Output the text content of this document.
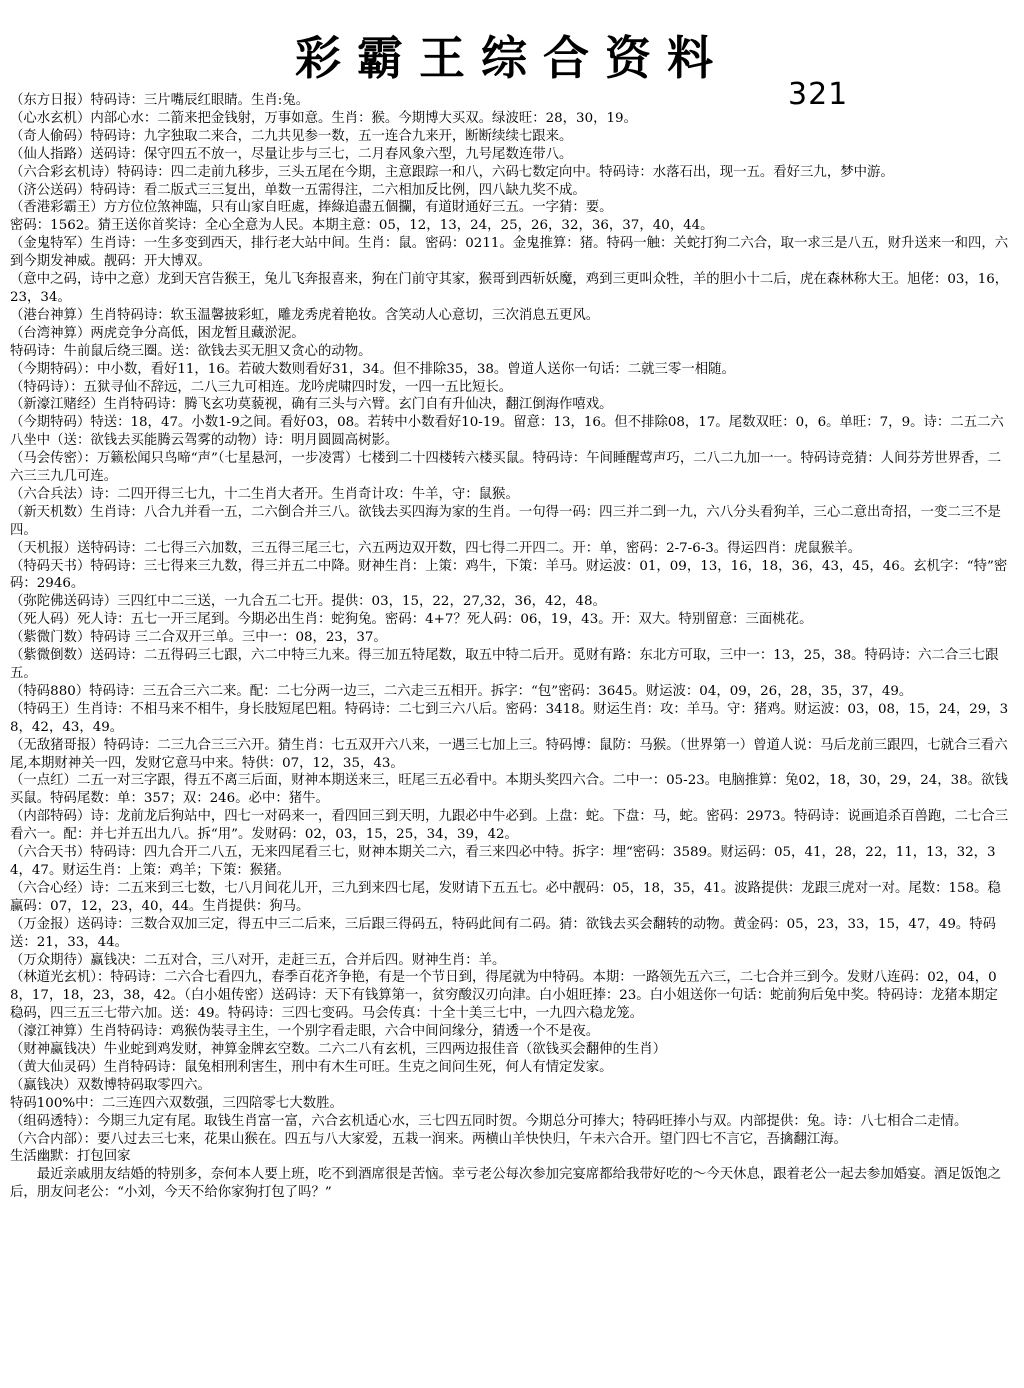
彩霸王综合资料
321

（东方日报）特码诗：三片嘴辰红眼睛。生肖:兔。

（心水玄机）内部心水：二箭来把金钱射，万事如意。生肖：猴。今期博大买双。绿波旺：28，30，19。

（奇人偷码）特码诗：九字独取二来合，二九共见参一数，五一连合九来开，断断续续七跟来。

（仙人指路）送码诗：保守四五不放一，尽量让步与三七，二月春风象六型，九号尾数连带八。

（六合彩玄机诗）特码诗：四二走前九移步，三头五尾在今期，主意跟踪一和八，六码七数定向中。特码诗：水落石出，现一五。看好三九，梦中游。

（济公送码）特码诗：看二版式三三复出，单数一五需得注，二六相加反比例，四八缺九奖不成。

（香港彩霸王）方方位位煞神臨，只有山家自旺處，捧綠追盡五個攔，有道財通好三五。一字猜：要。

密码：1562。猜王送你首奖诗：全心全意为人民。本期主意：05，12，13，24，25，26，32，36，37，40，44。

（金鬼特军）生肖诗：一生多变到西天，排行老大站中间。生肖：鼠。密码：0211。金鬼推算：猪。特码一触：关蛇打狗二六合，取一求三是八五，财升送来一和四，六到今期发神威。靓码：开大博双。

（意中之码，诗中之意）龙到天宫告猴王，兔儿飞奔报喜来，狗在门前守其家，猴哥到西斩妖魔，鸡到三更叫众牲，羊的胆小十二后，虎在森林称大王。旭佬：03，16，23，34。

（港台神算）生肖特码诗：软玉温馨披彩虹，雕龙秀虎着艳妆。含笑动人心意切，三次消息五更风。

（台湾神算）两虎竞争分高低，困龙暂且藏淤泥。

特码诗：牛前鼠后绕三圈。送：欲钱去买无胆又贪心的动物。

（今期特码）：中小数，看好11，16。若破大数则看好31，34。但不排除35，38。曾道人送你一句话：二就三零一相随。

（特码诗）：五狱寻仙不辞远，二八三九可相连。龙吟虎啸四时发，一四一五比短长。

（新濠江赌经）生肖特码诗：腾飞玄功莫藐视，确有三头与六臂。玄门自有升仙决，翻江倒海作嘻戏。

（今期特码）特送：18，47。小数1-9之间。看好03，08。若转中小数看好10-19。留意：13，16。但不排除08，17。尾数双旺：0，6。单旺：7，9。诗：二五二六八坐中（送：欲钱去买能腾云驾雾的动物）诗：明月圆圆高树影。

（马会传密）：万籁松闻只鸟啼“声”（七星悬河，一步凌霄）七楼到二十四楼转六楼买鼠。特码诗：午间睡醒莺声巧，二八二九加一一。特码诗竞猜：人间芬芳世界香，二六三三九几可连。

（六合兵法）诗：二四开得三七九，十二生肖大者开。生肖奇计攻：牛羊，守：鼠猴。

（新天机数）生肖诗：八合九并看一五，二六倒合并三八。欲钱去买四海为家的生肖。一句得一码：四三并二到一九，六八分头看狗羊，三心二意出奇招，一变二三不是四。

（天机报）送特码诗：二七得三六加数，三五得三尾三七，六五两边双开数，四七得二开四二。开：单，密码：2-7-6-3。得运四肖：虎鼠猴羊。

（特码天书）特码诗：三七得来三九数，得三并五二中降。财神生肖：上策：鸡牛，下策：羊马。财运波：01，09，13，16，18，36，43，45，46。玄机字：“特”密码：2946。

（弥陀佛送码诗）三四红中二三送，一九合五二七开。提供：03，15，22，27,32，36，42，48。

（死人码）死人诗：五七一开三尾到。今期必出生肖：蛇狗兔。密码：4+7？死人码：06，19，43。开：双大。特别留意：三面桃花。

（紫微门数）特码诗 三二合双开三单。三中一：08，23，37。

（紫微倒数）送码诗：二五得码三七跟，六二中特三九来。得三加五特尾数，取五中特二后开。觅财有路：东北方可取，三中一：13，25，38。特码诗：六二合三七跟五。

（特码880）特码诗：三五合三六二来。配：二七分两一边三，二六走三五相开。拆字：“包”密码：3645。财运波：04，09，26，28，35，37，49。

（特码王）生肖诗：不相马来不相牛，身长肢短尾巴粗。特码诗：二七到三六八后。密码：3418。财运生肖：攻：羊马。守：猪鸡。财运波：03，08，15，24，29，38，42，43，49。

（无敌猪哥报）特码诗：二三九合三三六开。猜生肖：七五双开六八来，一遇三七加上三。特码博：鼠防：马猴。（世界第一）曾道人说：马后龙前三跟四，七就合三看六尾,本期财神关一四，发财它意马中来。特供：07，12，35，43。

（一点红）二五一对三字跟，得五不离三后面，财神本期送来三，旺尾三五必看中。本期头奖四六合。二中一：05-23。电脑推算：兔02，18，30，29，24，38。欲钱买鼠。特码尾数：单：357；双：246。必中：猪牛。

（内部特码）诗：龙前龙后狗站中，四七一对码来一，看四回三到天明，九跟必中牛必到。上盘：蛇。下盘：马，蛇。密码：2973。特码诗：说画追杀百兽跑，二七合三看六一。配：并七并五出九八。拆“用”。发财码：02，03，15，25，34，39，42。

（六合天书）特码诗：四九合开二八五，无来四尾看三七，财神本期关二六，看三来四必中特。拆字：埋“密码：3589。财运码：05，41，28，22，11，13，32，34，47。财运生肖：上策：鸡羊；下策：猴猪。

（六合心经）诗：二五来到三七数，七八月间花儿开，三九到来四七尾，发财请下五五七。必中靓码：05，18，35，41。波路提供：龙跟三虎对一对。尾数：158。稳赢码：07，12，23，40，44。生肖提供：狗马。

（万金报）送码诗：三数合双加三定，得五中三二后来，三后跟三得码五，特码此间有二码。猜：欲钱去买会翻转的动物。黄金码：05，23，33，15，47，49。特码送：21，33，44。

（万众期待）赢钱决：二五对合，三八对开，走赶三五，合并后四。财神生肖：羊。

（林道光玄机）：特码诗：二六合七看四九，春季百花齐争艳，有是一个节日到，得尾就为中特码。本期：一路领先五六三，二七合并三到今。发财八连码：02，04，08，17，18，23，38，42。（白小姐传密）送码诗：天下有钱算第一，贫穷酸汉刃向津。白小姐旺捧：23。白小姐送你一句话：蛇前狗后兔中奖。特码诗：龙猪本期定稳码，四三五三七带六加。送：49。特码诗：三四七变码。马会传真：十全十美三七中，一九四六稳龙笼。

（濠江神算）生肖特码诗：鸡猴伪装寻主生，一个别字看走眼，六合中间问缘分，猜透一个不是夜。

（财神赢钱决）牛业蛇到鸡发财，神算金牌玄空数。二六二八有玄机，三四两边报佳音（欲钱买会翻伸的生肖）

（黄大仙灵码）生肖特码诗：鼠兔相刑利害生，刑中有木生可旺。生克之间问生死，何人有情定发家。

（赢钱决）双数博特码取零四六。

特码100%中：二三连四六双数强，三四陪零七大数胜。

（组码透特）：今期三九定有尾。取钱生肖富一富，六合玄机适心水，三七四五同时贺。今期总分可捧大；特码旺捧小与双。内部提供：兔。诗：八七相合二走情。

（六合内部）：要八过去三七来，花果山猴在。四五与八大家爱，五栽一润来。两横山羊快快归，午未六合开。望门四七不言它，吾擒翻江海。

生活幽默：打包回家

最近亲戚朋友结婚的特别多，奈何本人要上班，吃不到酒席很是苦恼。幸亏老公每次参加完宴席都给我带好吃的～今天休息，跟着老公一起去参加婚宴。酒足饭饱之后，朋友问老公：“小刘，今天不给你家狗打包了吗？”
